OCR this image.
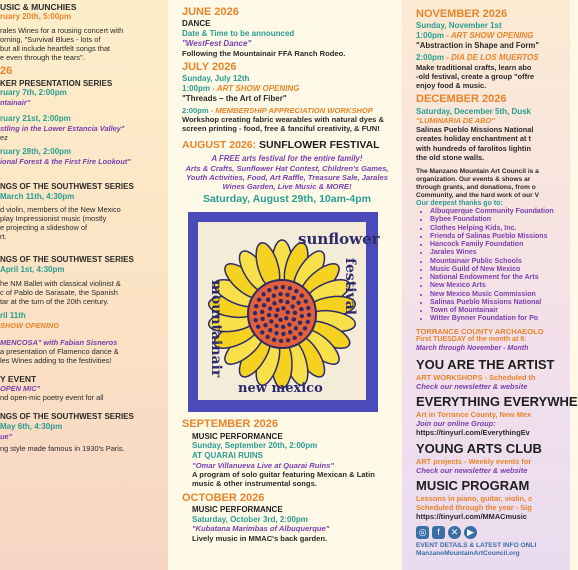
USIC & MUNCHIES

ruary 20th, 5:00pm

rales Wines for a rousing concert with

orning, "Survival Blues - lots of

but all include heartfelt songs that

e even through the tears".

26

KER PRESENTATION SERIES

ruary 7th, 2:00pm

ntainair"

ruary 21st, 2:00pm

stling in the Lower Estancia Valley"

ez

ruary 28th, 2:00pm

ional Forest & the First Fire Lookout"

NGS OF THE SOUTHWEST SERIES

March 11th, 4:30pm

d violin, members of the New Mexico

play Impressionist music (mostly

e projecting a slideshow of

rt.

NGS OF THE SOUTHWEST SERIES

April 1st, 4:30pm

he NM Ballet with classical violinist &

c of Pablo de Sarasate, the Spanish

tar at the turn of the 20th century.

ril 11th

SHOW OPENING

MENCOSA" with Fabian Sisneros

a presentation of Flamenco dance &

les Wines adding to the festivities!

Y EVENT

OPEN MIC"

nd open-mic poetry event for all

NGS OF THE SOUTHWEST SERIES

May 6th, 4:30pm

ue"

ng style made famous in 1930's Paris.

JUNE 2026

DANCE

Date & Time to be announced

"WestFest Dance"

Following the Mountainair FFA Ranch Rodeo.

JULY 2026

Sunday, July 12th

1:00pm - ART SHOW OPENING

"Threads – the Art of Fiber"

2:00pm - MEMBERSHIP APPRECIATION WORKSHOP

Workshop creating fabric wearables with natural dyes & screen printing - food, free & fanciful creativity, & FUN!

AUGUST 2026: SUNFLOWER FESTIVAL

A FREE arts festival for the entire family!

Arts & Crafts, Sunflower Hat Contest, Children's Games, Youth Activities, Food, Art Raffle, Treasure Sale, Jarales Wines Garden, Live Music & MORE!

Saturday, August 29th, 10am-4pm

sunflower
festival
mountainair
new mexico

SEPTEMBER 2026

MUSIC PERFORMANCE

Sunday, September 20th, 2:00pm

AT QUARAI RUINS

"Omar Villanueva Live at Quarai Ruins"

A program of solo guitar featuring Mexican & Latin music & other instrumental songs.

OCTOBER 2026

MUSIC PERFORMANCE

Saturday, October 3rd, 2:00pm

"Kubatana Marimbas of Albuquerque"

Lively music in MMAC's back garden.

NOVEMBER 2026

Sunday, November 1st

1:00pm - ART SHOW OPENING

"Abstraction in Shape and Form"

2:00pm - DIA DE LOS MUERTOS

Make traditional crafts, learn abo

-old festival, create a group "offre

enjoy food & music.

DECEMBER 2026

Saturday, December 5th, Dusk

"LUMINARIA DE ABO"

Salinas Pueblo Missions National

creates holiday enchantment at t

with hundreds of farolitos lightin

the old stone walls.

The Manzano Mountain Art Council is a

organization. Our events & shows ar

through grants, and donations, from o

Community, and the hard work of our V

Our deepest thanks go to:

• Albuquerque Community Foundation
• Bybee Foundation
• Clothes Helping Kids, Inc.
• Friends of Salinas Pueblo Missions
• Hancock Family Foundation
• Jarales Wines
• Mountainair Public Schools
• Music Guild of New Mexico
• National Endowment for the Arts
• New Mexico Arts
• New Mexico Music Commission
• Salinas Pueblo Missions National
• Town of Mountainair
• Witter Bynner Foundation for Po

TORRANCE COUNTY ARCHAEOLO

First TUESDAY of the month at 6:

March through November - Month

YOU ARE THE ARTIST

ART WORKSHOPS - Scheduled th

Check our newsletter & website

EVERYTHING EVERYWHE

Art in Torrance County, New Mex

Join our online Group:

https://tinyurl.com/EverythingEv

YOUNG ARTS CLUB

ART projects - Weekly events for

Check our newsletter & website

MUSIC PROGRAM

Lessons in piano, guitar, violin, c

Scheduled through the year - Sig

https://tinyurl.com/MMACmusic

◎ f ✕ ▶

EVENT DETAILS & LATEST INFO ONLI

ManzanoMountainArtCouncil.org
